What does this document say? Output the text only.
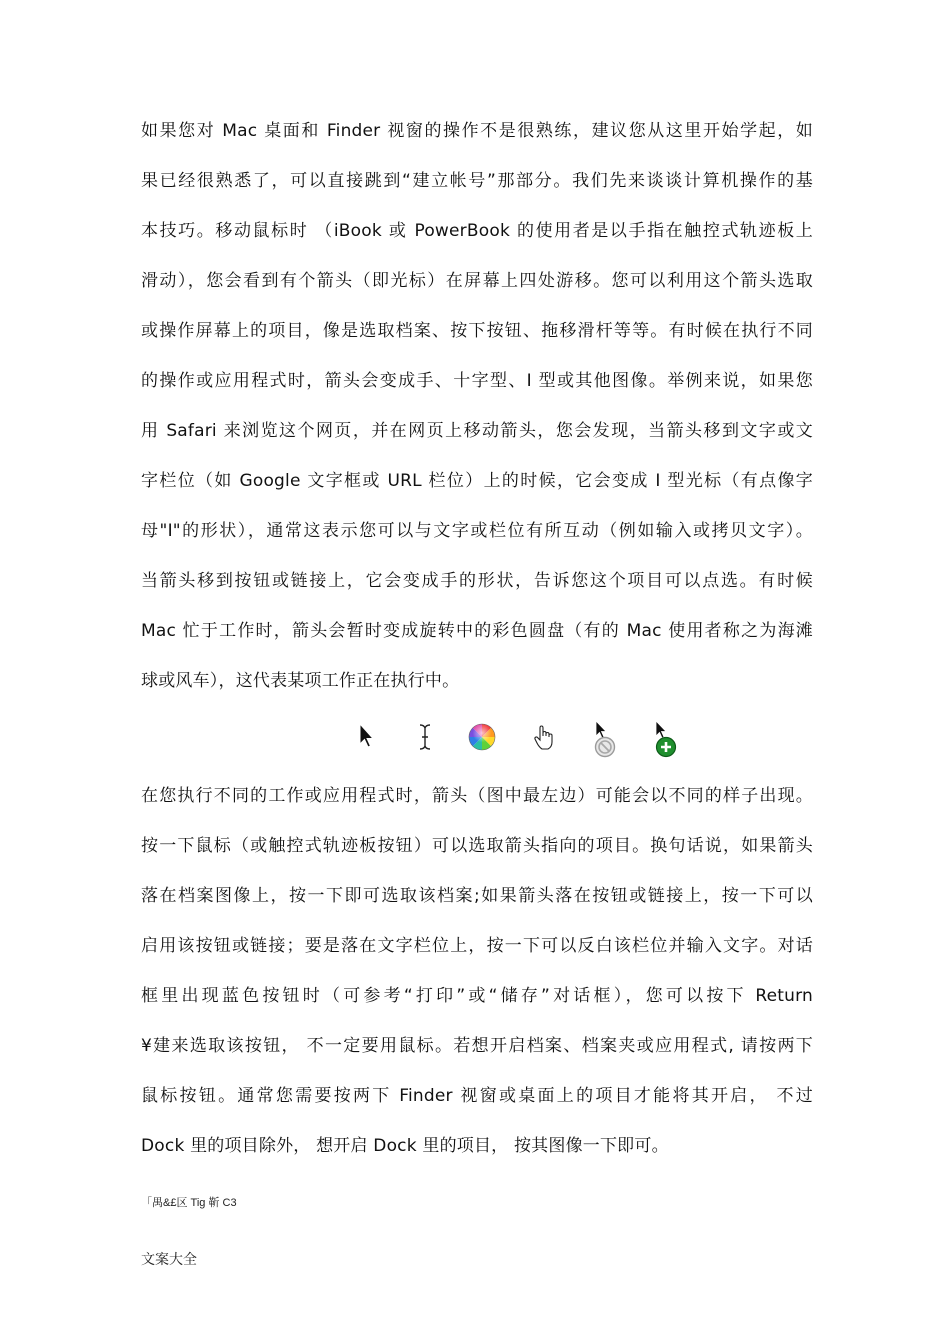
如果您对 Mac 桌面和 Finder 视窗的操作不是很熟练，建议您从这里开始学起，如
果已经很熟悉了，可以直接跳到“建立帐号”那部分。我们先来谈谈计算机操作的基
本技巧。移动鼠标时 （iBook 或 PowerBook 的使用者是以手指在触控式轨迹板上
滑动），您会看到有个箭头（即光标）在屏幕上四处游移。您可以利用这个箭头选取
或操作屏幕上的项目，像是选取档案、按下按钮、拖移滑杆等等。有时候在执行不同
的操作或应用程式时，箭头会变成手、十字型、I 型或其他图像。举例来说，如果您
用 Safari 来浏览这个网页，并在网页上移动箭头，您会发现，当箭头移到文字或文
字栏位（如 Google 文字框或 URL 栏位）上的时候，它会变成 I 型光标（有点像字
母"I"的形状），通常这表示您可以与文字或栏位有所互动（例如输入或拷贝文字）。
当箭头移到按钮或链接上，它会变成手的形状，告诉您这个项目可以点选。有时候
Mac 忙于工作时，箭头会暂时变成旋转中的彩色圆盘（有的 Mac 使用者称之为海滩
球或风车），这代表某项工作正在执行中。
在您执行不同的工作或应用程式时，箭头（图中最左边）可能会以不同的样子出现。
按一下鼠标（或触控式轨迹板按钮）可以选取箭头指向的项目。换句话说，如果箭头
落在档案图像上，按一下即可选取该档案;如果箭头落在按钮或链接上，按一下可以
启用该按钮或链接；要是落在文字栏位上，按一下可以反白该栏位并输入文字。对话
框里出现蓝色按钮时（可参考“打印”或“储存”对话框），您可以按下 Return
¥建来选取该按钮， 不一定要用鼠标。若想开启档案、档案夹或应用程式, 请按两下
鼠标按钮。通常您需要按两下 Finder 视窗或桌面上的项目才能将其开启， 不过
Dock 里的项目除外， 想开启 Dock 里的项目， 按其图像一下即可。
「禺&£区 Tig 靳 C3
文案大全
